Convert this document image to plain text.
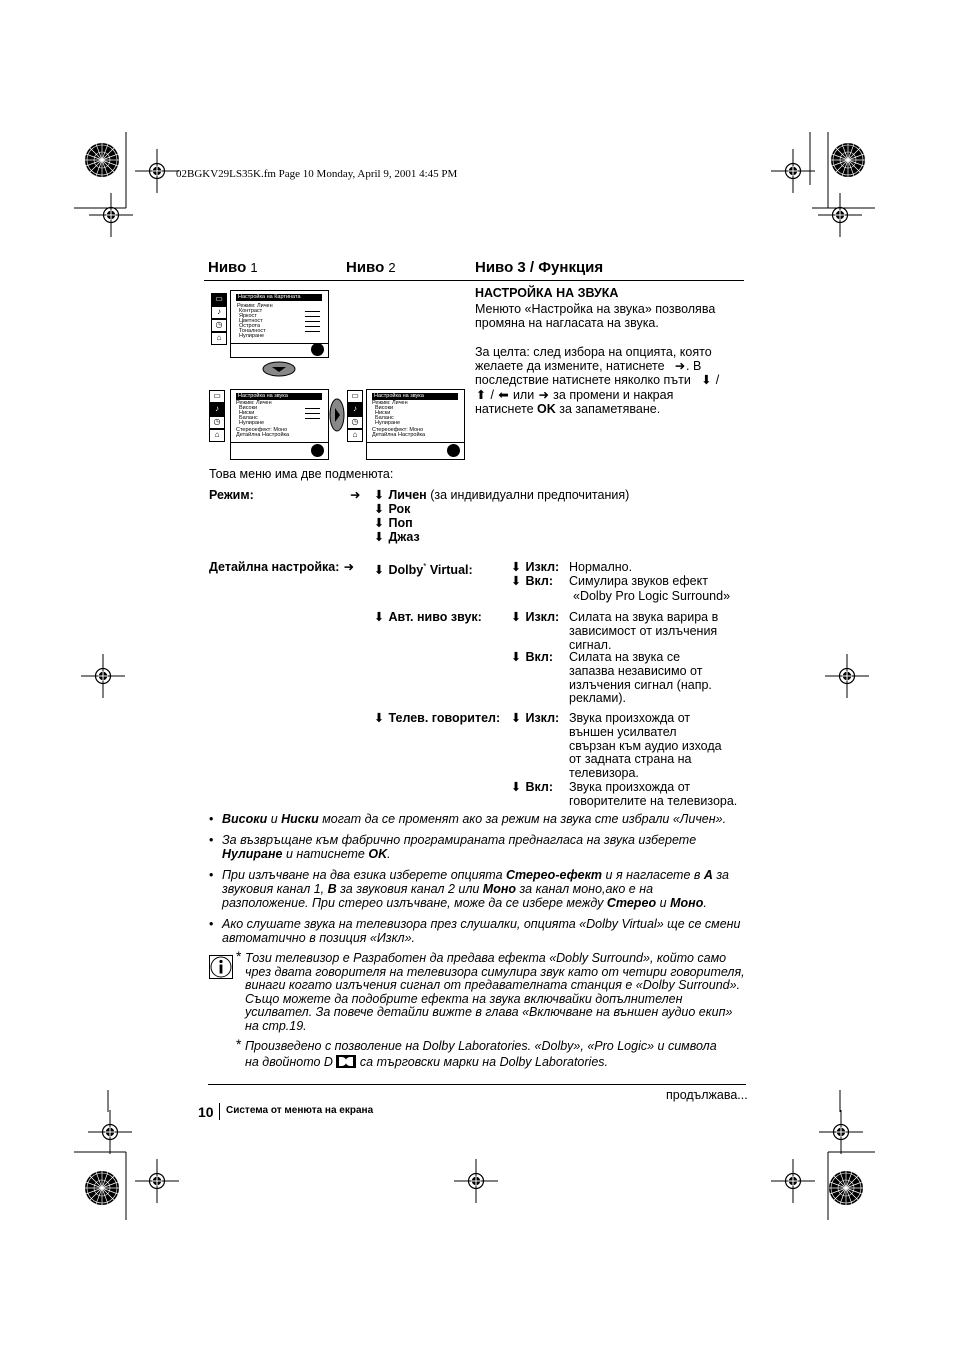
02BGKV29LS35K.fm Page 10 Monday, April 9, 2001 4:45 PM
Ниво 1	Ниво 2	Ниво 3 / Функция
▭
♪
◷
⌂
Настройка на Картината
Режим: Личен
Контраст
Яркост
Цветност
Острота
Тоналност
Нулиране
▭
♪
◷
⌂
Настройка на звука
Режим: Личен
Високи
Ниски
Баланс
Нулиране
Стереоефект: Моно
Детайлна Настройка
▭
♪
◷
⌂
Настройка на звука
Режим: Личен
Високи
Ниски
Баланс
Нулиране
Стереоефект: Моно
Детайлна Настройка
НАСТРОЙКА НА ЗВУКА
Менюто «Настройка на звука» позволява
промяна на нагласата на звука.
За целта: след избора на опцията, която
желаете да измените, натиснете ➜. В
последствие натиснете няколко пъти ⬇ /
⬆ / ⬅ или ➜ за промени и накрая
натиснете OK за запаметяване.
Това меню има две подменюта:
Режим:	➜ ⬇ Личен (за индивидуални предпочитания)
⬇ Рок
⬇ Поп
⬇ Джаз
Детайлна настройка: ➜ ⬇ Dolby* Virtual:	⬇ Изкл: Нормално.
⬇ Вкл: Симулира звуков ефект
«Dolby Pro Logic Surround»
⬇ Авт. ниво звук: ⬇ Изкл: Силата на звука варира в
зависимост от излъчения
сигнал.
⬇ Вкл: Силата на звука се
запазва независимо от
излъчения сигнал (напр.
реклами).
⬇ Телев. говорител: ⬇ Изкл: Звука произхожда от
външен усилвател
свързан към аудио изхода
от задната страна на
телевизора.
⬇ Вкл: Звука произхожда от
говорителите на телевизора.
• Високи и Ниски могат да се променят ако за режим на звука сте избрали «Личен».
• За възвръщане към фабрично програмираната преднагласа на звука изберете
Нулиране и натиснете OK.
• При излъчване на два езика изберете опцията Стерео-ефект и я нагласете в A за
звуковия канал 1, B за звуковия канал 2 или Моно за канал моно,ако е на
разположение. При стерео излъчване, може да се избере между Стерео и Моно.
• Ако слушате звука на телевизора през слушалки, опцията «Dolby Virtual» ще се смени
автоматично в позиция «Изкл».
* Този телевизор е Разработен да предава ефекта «Dobly Surround», който само
чрез двата говорителя на телевизора симулира звук като от четири говорителя,
винаги когато излъчения сигнал от предавателната станция е «Dolby Surround».
Също можете да подобрите ефекта на звука включвайки допълнителен
усилвател. За повече детайли вижте в глава «Включване на външен аудио екип»
на стр.19.
* Произведено с позволение на Dolby Laboratories. «Dolby», «Pro Logic» и символа
на двойното D са търговски марки на Dolby Laboratories.
продължава...
10 Система от менюта на екрана
